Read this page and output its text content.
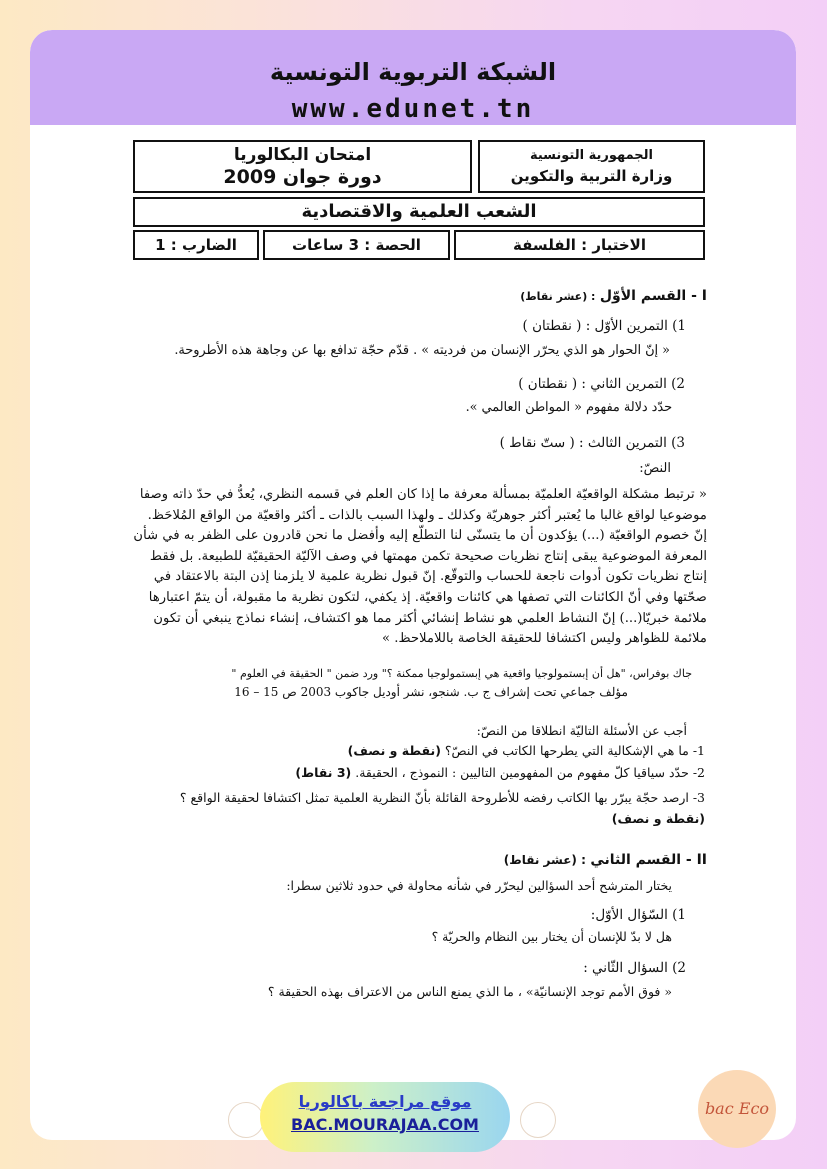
الشبكة التربوية التونسية
www.edunet.tn
امتحان البكالوريا
دورة جوان 2009
الجمهورية التونسية
وزارة التربية والتكوين
الشعب العلمية والاقتصادية
الضارب : 1	الحصة : 3 ساعات	الاختبار : الفلسفة
I - القسم الأوّل : (عشر نقاط)
1) التمرين الأوّل : ( نقطتان )
« إنّ الحوار هو الذي يحرّر الإنسان من فرديته » . قدّم حجّة تدافع بها عن وجاهة هذه الأطروحة.
2) التمرين الثاني : ( نقطتان )
حدّد دلالة مفهوم « المواطن العالمي ».
3) التمرين الثالث : ( ستّ نقاط )
النصّ:
« ترتبط مشكلة الواقعيّة العلميّة بمسألة معرفة ما إذا كان العلم في قسمه النظري، يُعدُّ في حدّ ذاته وصفا
موضوعيا لواقع غالبا ما يُعتبر أكثر جوهريّة وكذلك ـ ولهذا السبب بالذات ـ أكثر واقعيّة من الواقع المُلاحَظ.
إنّ خصوم الواقعيّة (...) يؤكدون أن ما يتسنّى لنا التطلّع إليه وأفضل ما نحن قادرون على الظفر به في شأن
المعرفة الموضوعية يبقى إنتاج نظريات صحيحة تكمن مهمتها في وصف الآليّة الحقيقيّة للطبيعة. بل فقط
إنتاج نظريات تكون أدوات ناجعة للحساب والتوقّع. إنّ قبول نظرية علمية لا يلزمنا إذن البتة بالاعتقاد في
صحّتها وفي أنّ الكائنات التي تصفها هي كائنات واقعيّة. إذ يكفي، لتكون نظرية ما مقبولة، أن يتمّ اعتبارها
ملائمة خبريّا(...) إنّ النشاط العلمي هو نشاط إنشائي أكثر مما هو اكتشاف، إنشاء نماذج ينبغي أن تكون
ملائمة للظواهر وليس اكتشافا للحقيقة الخاصة باللاملاحظ. »
جاك بوفراس، "هل أن إبستمولوجيا واقعية هي إبستمولوجيا ممكنة ؟" ورد ضمن " الحقيقة في العلوم "
مؤلف جماعي تحت إشراف ج ب. شنجو، نشر أوديل جاكوب 2003 ص 15 – 16
أجب عن الأسئلة التاليّة انطلاقا من النصّ:
1- ما هي الإشكالية التي يطرحها الكاتب في النصّ؟ (نقطة و نصف)
2- حدّد سياقيا كلّ مفهوم من المفهومين التاليين : النموذج ، الحقيقة. (3 نقاط)
3- ارصد حجّة يبرّر بها الكاتب رفضه للأطروحة القائلة بأنّ النظرية العلمية تمثل اكتشافا لحقيقة الواقع ؟
(نقطة و نصف)
II - القسم الثاني : (عشر نقاط)
يختار المترشح أحد السؤالين ليحرّر في شأنه محاولة في حدود ثلاثين سطرا:
1) السّؤال الأوّل:
هل لا بدّ للإنسان أن يختار بين النظام والحريّة ؟
2) السؤال الثّاني :
« فوق الأمم توجد الإنسانيّة» ، ما الذي يمنع الناس من الاعتراف بهذه الحقيقة ؟
موقع مراجعة باكالوريا
BAC.MOURAJAA.COM
bac Eco
